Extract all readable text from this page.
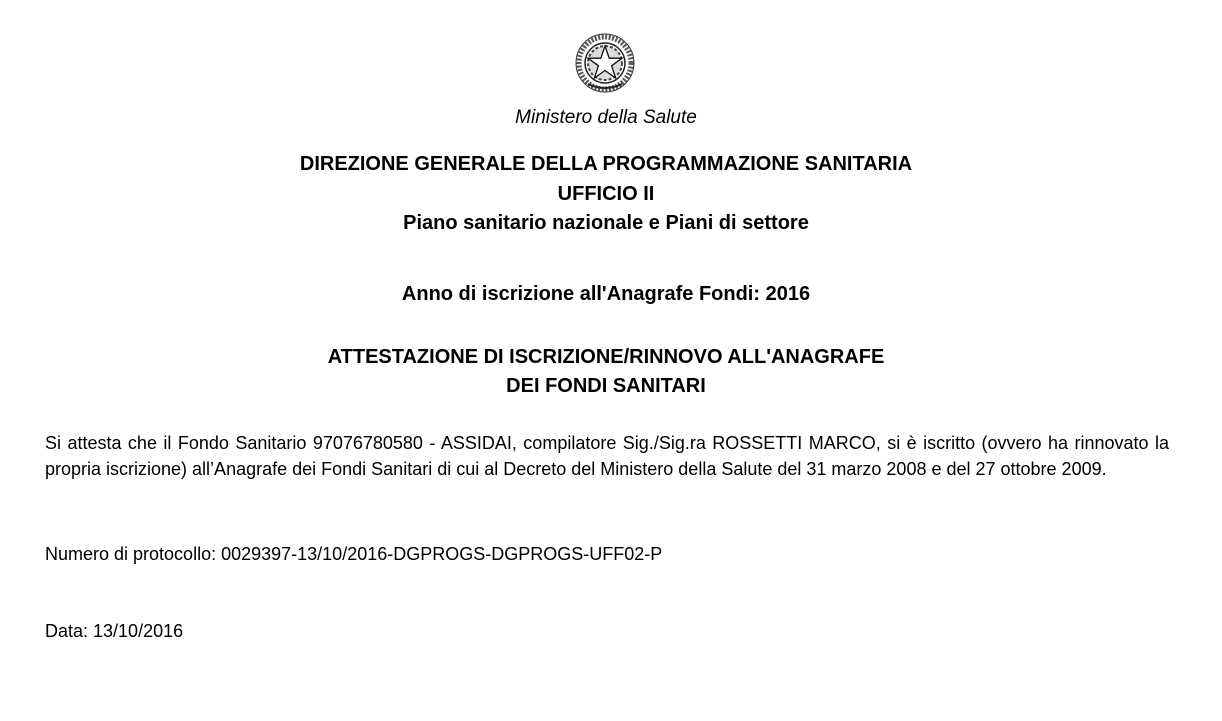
Ministero della Salute
DIREZIONE GENERALE DELLA PROGRAMMAZIONE SANITARIA
UFFICIO II
Piano sanitario nazionale e Piani di settore
Anno di iscrizione all'Anagrafe Fondi: 2016
ATTESTAZIONE DI ISCRIZIONE/RINNOVO ALL'ANAGRAFE
DEI FONDI SANITARI
Si attesta che il Fondo Sanitario 97076780580 - ASSIDAI, compilatore Sig./Sig.ra ROSSETTI MARCO, si è iscritto (ovvero ha rinnovato la propria iscrizione) all’Anagrafe dei Fondi Sanitari di cui al Decreto del Ministero della Salute del 31 marzo 2008 e del 27 ottobre 2009.
Numero di protocollo: 0029397-13/10/2016-DGPROGS-DGPROGS-UFF02-P
Data: 13/10/2016
